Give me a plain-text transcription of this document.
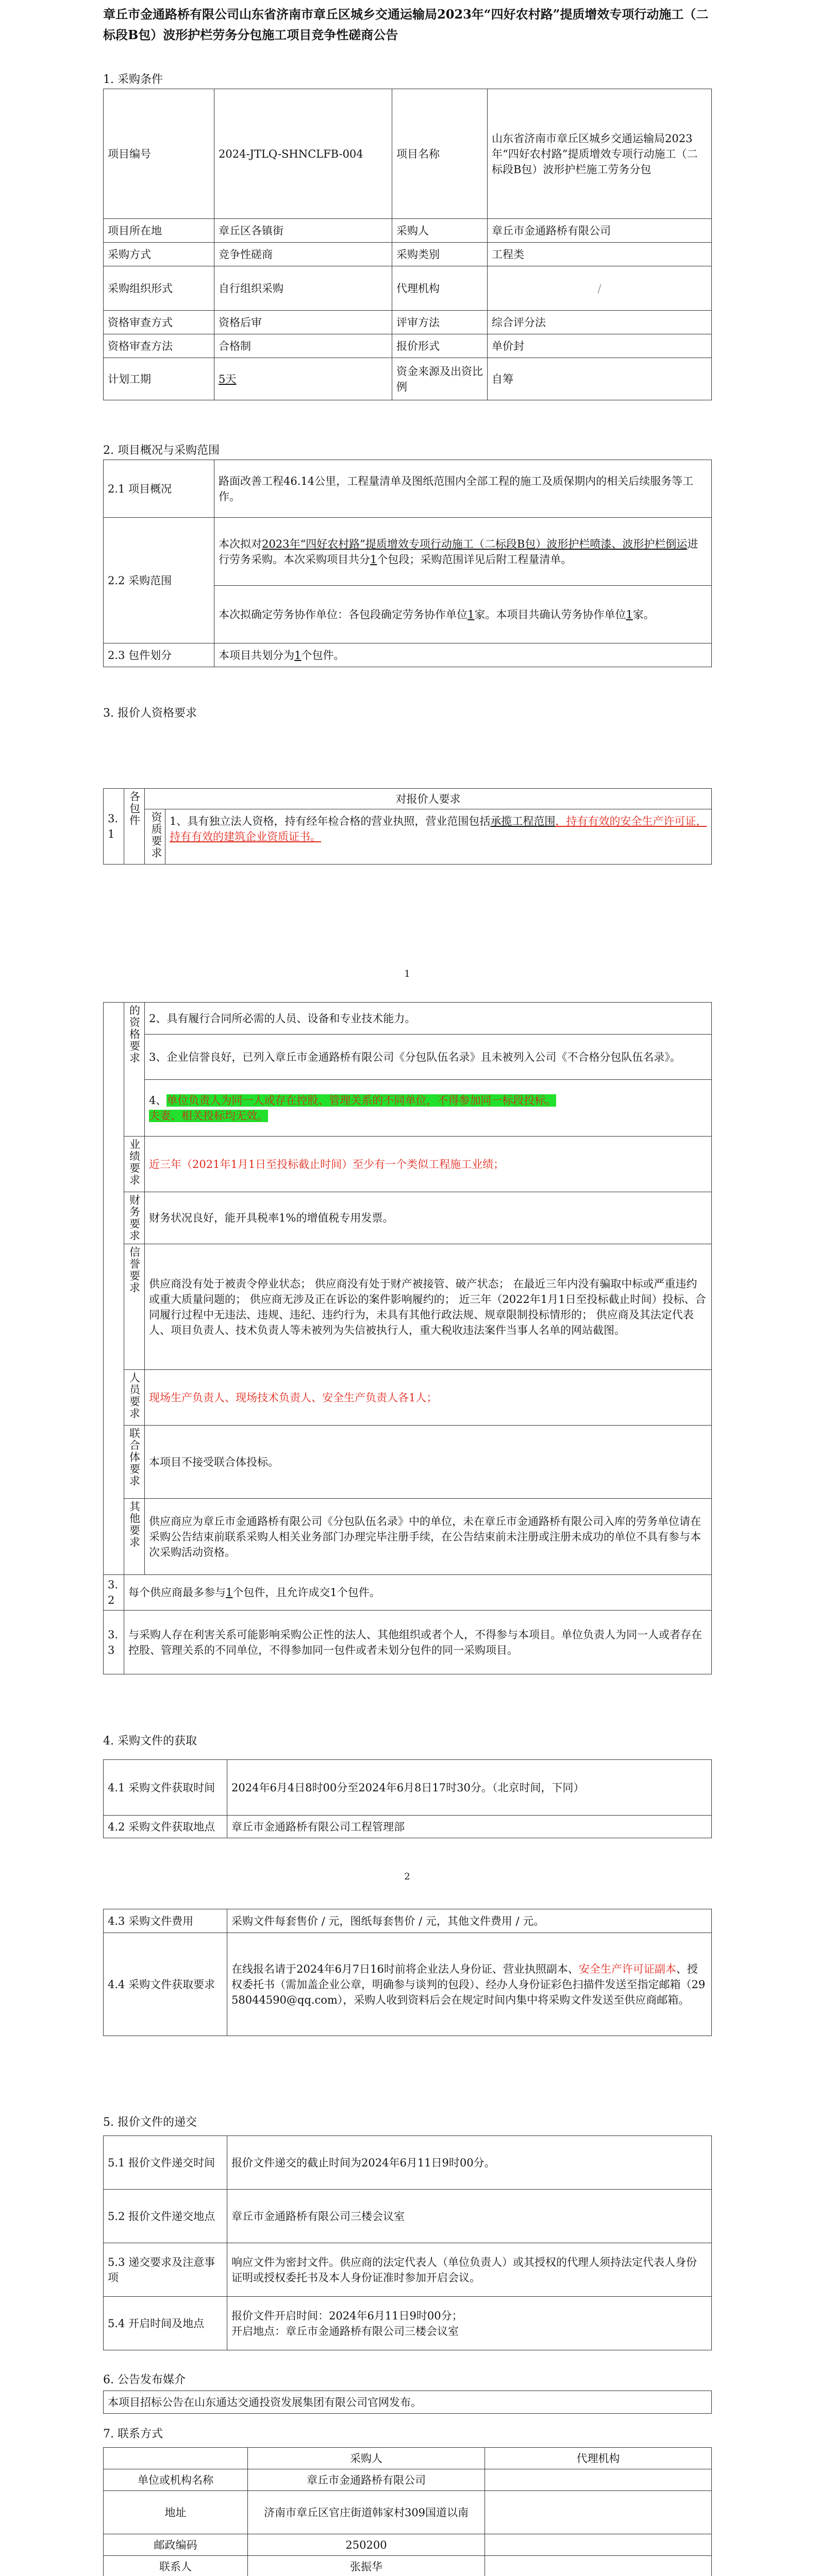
章丘市金通路桥有限公司山东省济南市章丘区城乡交通运输局2023年“四好农村路”提质增效专项行动施工（二标段B包）波形护栏劳务分包施工项目竞争性磋商公告
1. 采购条件
项目编号	2024-JTLQ-SHNCLFB-004	项目名称	山东省济南市章丘区城乡交通运输局2023年“四好农村路”提质增效专项行动施工（二标段B包）波形护栏施工劳务分包
项目所在地	章丘区各镇街	采购人	章丘市金通路桥有限公司
采购方式	竞争性磋商	采购类别	工程类
采购组织形式	自行组织采购	代理机构	/
资格审查方式	资格后审	评审方法	综合评分法
资格审查方法	合格制	报价形式	单价封
计划工期	5天	资金来源及出资比例	自筹
2. 项目概况与采购范围
2.1 项目概况	路面改善工程46.14公里，工程量清单及图纸范围内全部工程的施工及质保期内的相关后续服务等工作。
2.2 采购范围	本次拟对2023年“四好农村路”提质增效专项行动施工（二标段B包）波形护栏喷漆、波形护栏倒运进行劳务采购。本次采购项目共分1个包段；采购范围详见后附工程量清单。
	本次拟确定劳务协作单位：各包段确定劳务协作单位1家。本项目共确认劳务协作单位1家。
2.3 包件划分	本项目共划分为1个包件。
3. 报价人资格要求
3.1	各包件	对报价人要求

资质要求 1、具有独立法人资格，持有经年检合格的营业执照，营业范围包括承揽工程范围，持有有效的安全生产许可证，持有有效的建筑企业资质证书。
1
	的资格要求	2、具有履行合同所必需的人员、设备和专业技术能力。
		3、企业信誉良好，已列入章丘市金通路桥有限公司《分包队伍名录》且未被列入公司《不合格分包队伍名录》。
		4、单位负责人为同一人或存在控股、管理关系的不同单位，不得参加同一标段投标。
夫妻、相关投标均无效。
	业绩要求	近三年（2021年1月1日至投标截止时间）至少有一个类似工程施工业绩；
	财务要求	财务状况良好，能开具税率1%的增值税专用发票。
	信誉要求	供应商没有处于被责令停业状态； 供应商没有处于财产被接管、破产状态； 在最近三年内没有骗取中标或严重违约或重大质量问题的； 供应商无涉及正在诉讼的案件影响履约的； 近三年（2022年1月1日至投标截止时间）投标、合同履行过程中无违法、违规、违纪、违约行为，未具有其他行政法规、规章限制投标情形的； 供应商及其法定代表人、项目负责人、技术负责人等未被列为失信被执行人，重大税收违法案件当事人名单的网站截图。
	人员要求	现场生产负责人、现场技术负责人、安全生产负责人各1人；
	联合体要求	本项目不接受联合体投标。
	其他要求	供应商应为章丘市金通路桥有限公司《分包队伍名录》中的单位，未在章丘市金通路桥有限公司入库的劳务单位请在采购公告结束前联系采购人相关业务部门办理完毕注册手续，在公告结束前未注册或注册未成功的单位不具有参与本次采购活动资格。
3.2	每个供应商最多参与1个包件，且允许成交1个包件。	
3.3	与采购人存在利害关系可能影响采购公正性的法人、其他组织或者个人，不得参与本项目。单位负责人为同一人或者存在控股、管理关系的不同单位，不得参加同一包件或者未划分包件的同一采购项目。	
4. 采购文件的获取
4.1 采购文件获取时间	2024年6月4日8时00分至2024年6月8日17时30分。（北京时间，下同）
4.2 采购文件获取地点	章丘市金通路桥有限公司工程管理部
2
4.3 采购文件费用	采购文件每套售价 / 元，图纸每套售价 / 元，其他文件费用 / 元。
4.4 采购文件获取要求	在线报名请于2024年6月7日16时前将企业法人身份证、营业执照副本、安全生产许可证副本、授权委托书（需加盖企业公章，明确参与谈判的包段）、经办人身份证彩色扫描件发送至指定邮箱（2958044590@qq.com），采购人收到资料后会在规定时间内集中将采购文件发送至供应商邮箱。
5. 报价文件的递交
5.1 报价文件递交时间	报价文件递交的截止时间为2024年6月11日9时00分。
5.2 报价文件递交地点	章丘市金通路桥有限公司三楼会议室
5.3 递交要求及注意事项	响应文件为密封文件。供应商的法定代表人（单位负责人）或其授权的代理人须持法定代表人身份证明或授权委托书及本人身份证准时参加开启会议。
5.4 开启时间及地点	报价文件开启时间：2024年6月11日9时00分；
开启地点：章丘市金通路桥有限公司三楼会议室
6. 公告发布媒介
本项目招标公告在山东通达交通投资发展集团有限公司官网发布。
7. 联系方式
	采购人	代理机构
单位或机构名称	章丘市金通路桥有限公司	
地址	济南市章丘区官庄街道韩家村309国道以南	
邮政编码	250200	
联系人	张振华	
